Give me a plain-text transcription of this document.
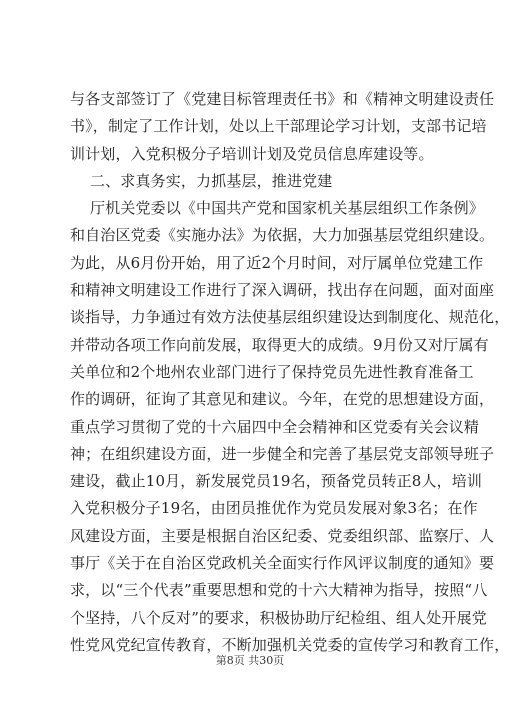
与各支部签订了《党建目标管理责任书》和《精神文明建设责任
书》，制定了工作计划，处以上干部理论学习计划，支部书记培
训计划，入党积极分子培训计划及党员信息库建设等。
二、求真务实，力抓基层，推进党建
厅机关党委以《中国共产党和国家机关基层组织工作条例》
和自治区党委《实施办法》为依据，大力加强基层党组织建设。
为此，从6月份开始，用了近2个月时间，对厅属单位党建工作
和精神文明建设工作进行了深入调研，找出存在问题，面对面座
谈指导，力争通过有效方法使基层组织建设达到制度化、规范化，
并带动各项工作向前发展，取得更大的成绩。9月份又对厅属有
关单位和2个地州农业部门进行了保持党员先进性教育准备工
作的调研，征询了其意见和建议。今年，在党的思想建设方面，
重点学习贯彻了党的十六届四中全会精神和区党委有关会议精
神；在组织建设方面，进一步健全和完善了基层党支部领导班子
建设，截止10月，新发展党员19名，预备党员转正8人，培训
入党积极分子19名，由团员推优作为党员发展对象3名；在作
风建设方面，主要是根据自治区纪委、党委组织部、监察厅、人
事厅《关于在自治区党政机关全面实行作风评议制度的通知》要
求，以“三个代表”重要思想和党的十六大精神为指导，按照“八
个坚持，八个反对”的要求，积极协助厅纪检组、组人处开展党
性党风党纪宣传教育，不断加强机关党委的宣传学习和教育工作，
第8页 共30页
